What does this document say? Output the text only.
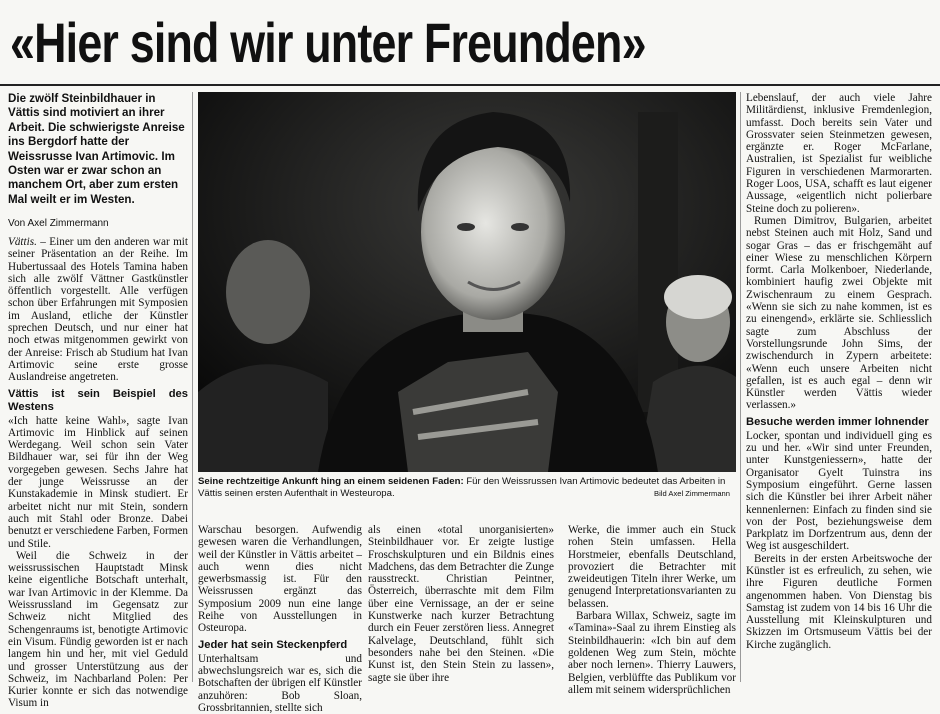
«Hier sind wir unter Freunden»
Die zwölf Steinbildhauer in Vättis sind motiviert an ihrer Arbeit. Die schwierigste Anreise ins Bergdorf hatte der Weissrusse Ivan Artimovic. Im Osten war er zwar schon an manchem Ort, aber zum ersten Mal weilt er im Westen.
Von Axel Zimmermann

Vättis. – Einer um den anderen war mit seiner Präsentation an der Reihe. Im Hubertussaal des Hotels Tamina haben sich alle zwölf Vättner Gastkünstler öffentlich vorgestellt. Alle verfügen schon über Erfahrungen mit Symposien im Ausland, etliche der Künstler sprechen Deutsch, und nur einer hat noch etwas mitgenommen gewirkt von der Anreise: Frisch ab Studium hat Ivan Artimovic seine erste grosse Auslandreise angetreten.

Vättis ist sein Beispiel des Westens

«Ich hatte keine Wahl», sagte Ivan Artimovic im Hinblick auf seinen Werdegang. Weil schon sein Vater Bildhauer war, sei für ihn der Weg vorgegeben gewesen. Sechs Jahre hat der junge Weissrusse an der Kunstakademie in Minsk studiert. Er arbeitet nicht nur mit Stein, sondern auch mit Stahl oder Bronze. Dabei benutzt er verschiedene Farben, Formen und Stile.

Weil die Schweiz in der weissrussischen Hauptstadt Minsk keine eigentliche Botschaft unterhalt, war Ivan Artimovic in der Klemme. Da Weissrussland im Gegensatz zur Schweiz nicht Mitglied des Schengenraums ist, benotigte Artimovic ein Visum. Fündig geworden ist er nach langem hin und her, mit viel Geduld und grosser Unterstützung aus der Schweiz, im Nachbarland Polen: Per Kurier konnte er sich das notwendige Visum in

Seine rechtzeitige Ankunft hing an einem seidenen Faden: Für den Weissrussen Ivan Artimovic bedeutet das Arbeiten in Vättis seinen ersten Aufenthalt in Westeuropa.	Bild Axel Zimmermann

Warschau besorgen. Aufwendig gewesen waren die Verhandlungen, weil der Künstler in Vättis arbeitet – auch wenn dies nicht gewerbsmassig ist. Für den Weissrussen ergänzt das Symposium 2009 nun eine lange Reihe von Ausstellungen in Osteuropa.

Jeder hat sein Steckenpferd

Unterhaltsam und abwechslungsreich war es, sich die Botschaften der übrigen elf Künstler anzuhören: Bob Sloan, Grossbritannien, stellte sich

als einen «total unorganisierten» Steinbildhauer vor. Er zeigte lustige Froschskulpturen und ein Bildnis eines Madchens, das dem Betrachter die Zunge rausstreckt. Christian Peintner, Österreich, überraschte mit dem Film über eine Vernissage, an der er seine Kunstwerke nach kurzer Betrachtung durch ein Feuer zerstören liess. Annegret Kalvelage, Deutschland, fühlt sich besonders nahe bei den Steinen. «Die Kunst ist, den Stein Stein zu lassen», sagte sie über ihre

Werke, die immer auch ein Stuck rohen Stein umfassen. Hella Horstmeier, ebenfalls Deutschland, provoziert die Betrachter mit zweideutigen Titeln ihrer Werke, um genugend Interpretationsvarianten zu belassen.

Barbara Willax, Schweiz, sagte im «Tamina»-Saal zu ihrem Einstieg als Steinbildhauerin: «Ich bin auf dem goldenen Weg zum Stein, möchte aber noch lernen». Thierry Lauwers, Belgien, verblüffte das Publikum vor allem mit seinem widersprüchlichen

Lebenslauf, der auch viele Jahre Militärdienst, inklusive Fremdenlegion, umfasst. Doch bereits sein Vater und Grossvater seien Steinmetzen gewesen, ergänzte er. Roger McFarlane, Australien, ist Spezialist fur weibliche Figuren in verschiedenen Marmorarten. Roger Loos, USA, schafft es laut eigener Aussage, «eigentlich nicht polierbare Steine doch zu polieren».

Rumen Dimitrov, Bulgarien, arbeitet nebst Steinen auch mit Holz, Sand und sogar Gras – das er frischgemäht auf einer Wiese zu menschlichen Körpern formt. Carla Molkenboer, Niederlande, kombiniert haufig zwei Objekte mit Zwischenraum zu einem Gesprach. «Wenn sie sich zu nahe kommen, ist es zu einengend», erklärte sie. Schliesslich sagte zum Abschluss der Vorstellungsrunde John Sims, der zwischendurch in Zypern arbeitete: «Wenn euch unsere Arbeiten nicht gefallen, ist es auch egal – denn wir Künstler werden Vättis wieder verlassen.»

Besuche werden immer lohnender

Locker, spontan und individuell ging es zu und her. «Wir sind unter Freunden, unter Kunstgeniessern», hatte der Organisator Gyelt Tuinstra ins Symposium eingeführt. Gerne lassen sich die Künstler bei ihrer Arbeit näher kennenlernen: Einfach zu finden sind sie von der Post, beziehungsweise dem Parkplatz im Dorfzentrum aus, denn der Weg ist ausgeschildert.

Bereits in der ersten Arbeitswoche der Künstler ist es erfreulich, zu sehen, wie ihre Figuren deutliche Formen angenommen haben. Von Dienstag bis Samstag ist zudem von 14 bis 16 Uhr die Ausstellung mit Kleinskulpturen und Skizzen im Ortsmuseum Vättis bei der Kirche zugänglich.
